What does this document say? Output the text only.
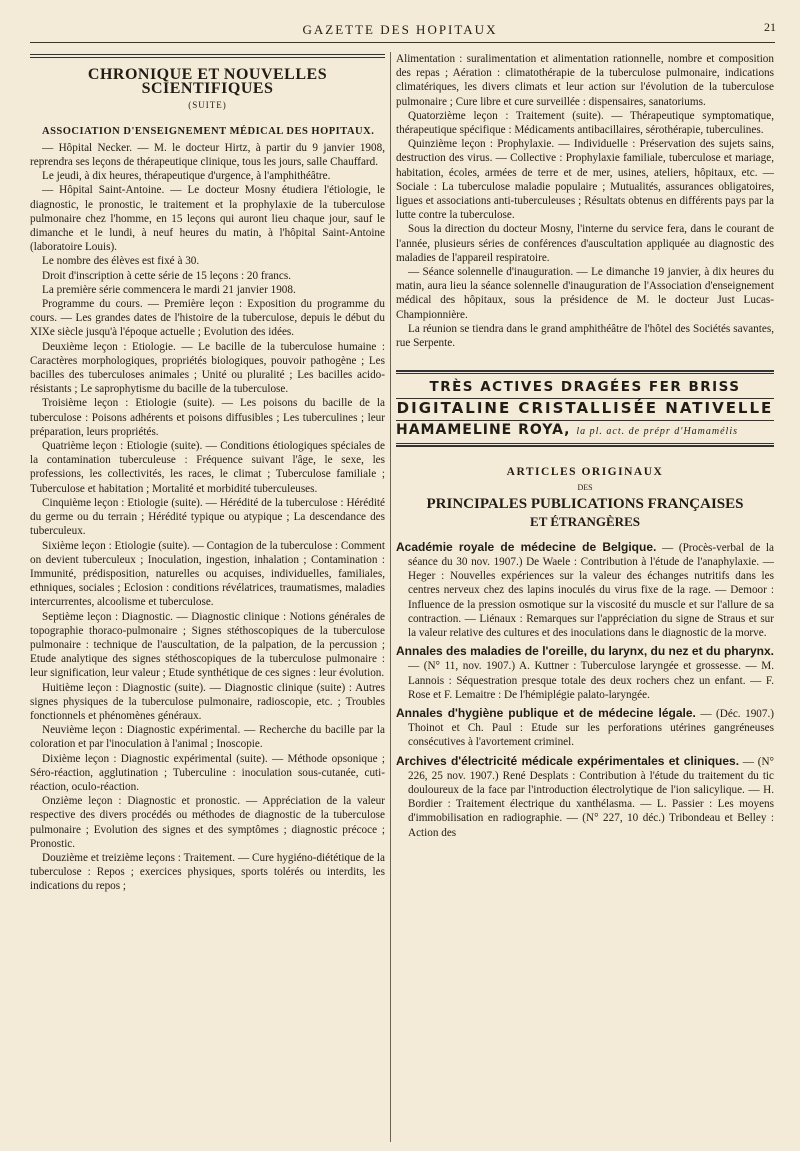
GAZETTE DES HOPITAUX	21

CHRONIQUE ET NOUVELLES SCIENTIFIQUES

(SUITE)

ASSOCIATION D'ENSEIGNEMENT MÉDICAL DES HOPITAUX.

— Hôpital Necker. — M. le docteur Hirtz, à partir du 9 janvier 1908, reprendra ses leçons de thérapeutique clinique, tous les jours, salle Chauffard.

Le jeudi, à dix heures, thérapeutique d'urgence, à l'amphithéâtre.

— Hôpital Saint-Antoine. — Le docteur Mosny étudiera l'étiologie, le diagnostic, le pronostic, le traitement et la prophylaxie de la tuberculose pulmonaire chez l'homme, en 15 leçons qui auront lieu chaque jour, sauf le dimanche et le lundi, à neuf heures du matin, à l'hôpital Saint-Antoine (laboratoire Louis).

Le nombre des élèves est fixé à 30.

Droit d'inscription à cette série de 15 leçons : 20 francs.

La première série commencera le mardi 21 janvier 1908.

Programme du cours. — Première leçon : Exposition du programme du cours. — Les grandes dates de l'histoire de la tuberculose, depuis le début du XIXe siècle jusqu'à l'époque actuelle ; Evolution des idées.

Deuxième leçon : Etiologie. — Le bacille de la tuberculose humaine : Caractères morphologiques, propriétés biologiques, pouvoir pathogène ; Les bacilles des tuberculoses animales ; Unité ou pluralité ; Les bacilles acido-résistants ; Le saprophytisme du bacille de la tuberculose.

Troisième leçon : Etiologie (suite). — Les poisons du bacille de la tuberculose : Poisons adhérents et poisons diffusibles ; Les tuberculines ; leur préparation, leurs propriétés.

Quatrième leçon : Etiologie (suite). — Conditions étiologiques spéciales de la contamination tuberculeuse : Fréquence suivant l'âge, le sexe, les professions, les collectivités, les races, le climat ; Tuberculose familiale ; Tuberculose et habitation ; Mortalité et morbidité tuberculeuses.

Cinquième leçon : Etiologie (suite). — Hérédité de la tuberculose : Hérédité du germe ou du terrain ; Hérédité typique ou atypique ; La descendance des tuberculeux.

Sixième leçon : Etiologie (suite). — Contagion de la tuberculose : Comment on devient tuberculeux ; Inoculation, ingestion, inhalation ; Contamination : Immunité, prédisposition, naturelles ou acquises, individuelles, familiales, ethniques, sociales ; Eclosion : conditions révélatrices, traumatismes, maladies intercurrentes, alcoolisme et tuberculose.

Septième leçon : Diagnostic. — Diagnostic clinique : Notions générales de topographie thoraco-pulmonaire ; Signes stéthoscopiques de la tuberculose pulmonaire : technique de l'auscultation, de la palpation, de la percussion ; Etude analytique des signes stéthoscopiques de la tuberculose pulmonaire : leur signification, leur valeur ; Etude synthétique de ces signes : leur évolution.

Huitième leçon : Diagnostic (suite). — Diagnostic clinique (suite) : Autres signes physiques de la tuberculose pulmonaire, radioscopie, etc. ; Troubles fonctionnels et phénomènes généraux.

Neuvième leçon : Diagnostic expérimental. — Recherche du bacille par la coloration et par l'inoculation à l'animal ; Inoscopie.

Dixième leçon : Diagnostic expérimental (suite). — Méthode opsonique ; Séro-réaction, agglutination ; Tuberculine : inoculation sous-cutanée, cuti-réaction, oculo-réaction.

Onzième leçon : Diagnostic et pronostic. — Appréciation de la valeur respective des divers procédés ou méthodes de diagnostic de la tuberculose pulmonaire ; Evolution des signes et des symptômes ; diagnostic précoce ; Pronostic.

Douzième et treizième leçons : Traitement. — Cure hygiéno-diététique de la tuberculose : Repos ; exercices physiques, sports tolérés ou interdits, les indications du repos ;

Alimentation : suralimentation et alimentation rationnelle, nombre et composition des repas ; Aération : climatothérapie de la tuberculose pulmonaire, indications climatériques, les divers climats et leur action sur l'évolution de la tuberculose pulmonaire ; Cure libre et cure surveillée : dispensaires, sanatoriums.

Quatorzième leçon : Traitement (suite). — Thérapeutique symptomatique, thérapeutique spécifique : Médicaments antibacillaires, sérothérapie, tuberculines.

Quinzième leçon : Prophylaxie. — Individuelle : Préservation des sujets sains, destruction des virus. — Collective : Prophylaxie familiale, tuberculose et mariage, habitation, écoles, armées de terre et de mer, usines, ateliers, hôpitaux, etc. — Sociale : La tuberculose maladie populaire ; Mutualités, assurances obligatoires, ligues et associations anti-tuberculeuses ; Résultats obtenus en différents pays par la lutte contre la tuberculose.

Sous la direction du docteur Mosny, l'interne du service fera, dans le courant de l'année, plusieurs séries de conférences d'auscultation appliquée au diagnostic des maladies de l'appareil respiratoire.

— Séance solennelle d'inauguration. — Le dimanche 19 janvier, à dix heures du matin, aura lieu la séance solennelle d'inauguration de l'Association d'enseignement médical des hôpitaux, sous la présidence de M. le docteur Just Lucas-Championnière.

La réunion se tiendra dans le grand amphithéâtre de l'hôtel des Sociétés savantes, rue Serpente.

TRÈS ACTIVES DRAGÉES FER BRISS

DIGITALINE CRISTALLISÉE NATIVELLE

HAMAMELINE ROYA, la pl. act. de prépr d'Hamamélis

ARTICLES ORIGINAUX

DES

PRINCIPALES PUBLICATIONS FRANÇAISES

ET ÉTRANGÈRES

Académie royale de médecine de Belgique. — (Procès-verbal de la séance du 30 nov. 1907.) De Waele : Contribution à l'étude de l'anaphylaxie. — Heger : Nouvelles expériences sur la valeur des échanges nutritifs dans les centres nerveux chez des lapins inoculés du virus fixe de la rage. — Demoor : Influence de la pression osmotique sur la viscosité du muscle et sur l'allure de sa contraction. — Liénaux : Remarques sur l'appréciation du signe de Straus et sur la valeur relative des cultures et des inoculations dans le diagnostic de la morve.

Annales des maladies de l'oreille, du larynx, du nez et du pharynx. — (N° 11, nov. 1907.) A. Kuttner : Tuberculose laryngée et grossesse. — M. Lannois : Séquestration presque totale des deux rochers chez un enfant. — F. Rose et F. Lemaitre : De l'hémiplégie palato-laryngée.

Annales d'hygiène publique et de médecine légale. — (Déc. 1907.) Thoinot et Ch. Paul : Etude sur les perforations utérines gangréneuses consécutives à l'avortement criminel.

Archives d'électricité médicale expérimentales et cliniques. — (N° 226, 25 nov. 1907.) René Desplats : Contribution à l'étude du traitement du tic douloureux de la face par l'introduction électrolytique de l'ion salicylique. — H. Bordier : Traitement électrique du xanthélasma. — L. Passier : Les moyens d'immobilisation en radiographie. — (N° 227, 10 déc.) Tribondeau et Belley : Action des
